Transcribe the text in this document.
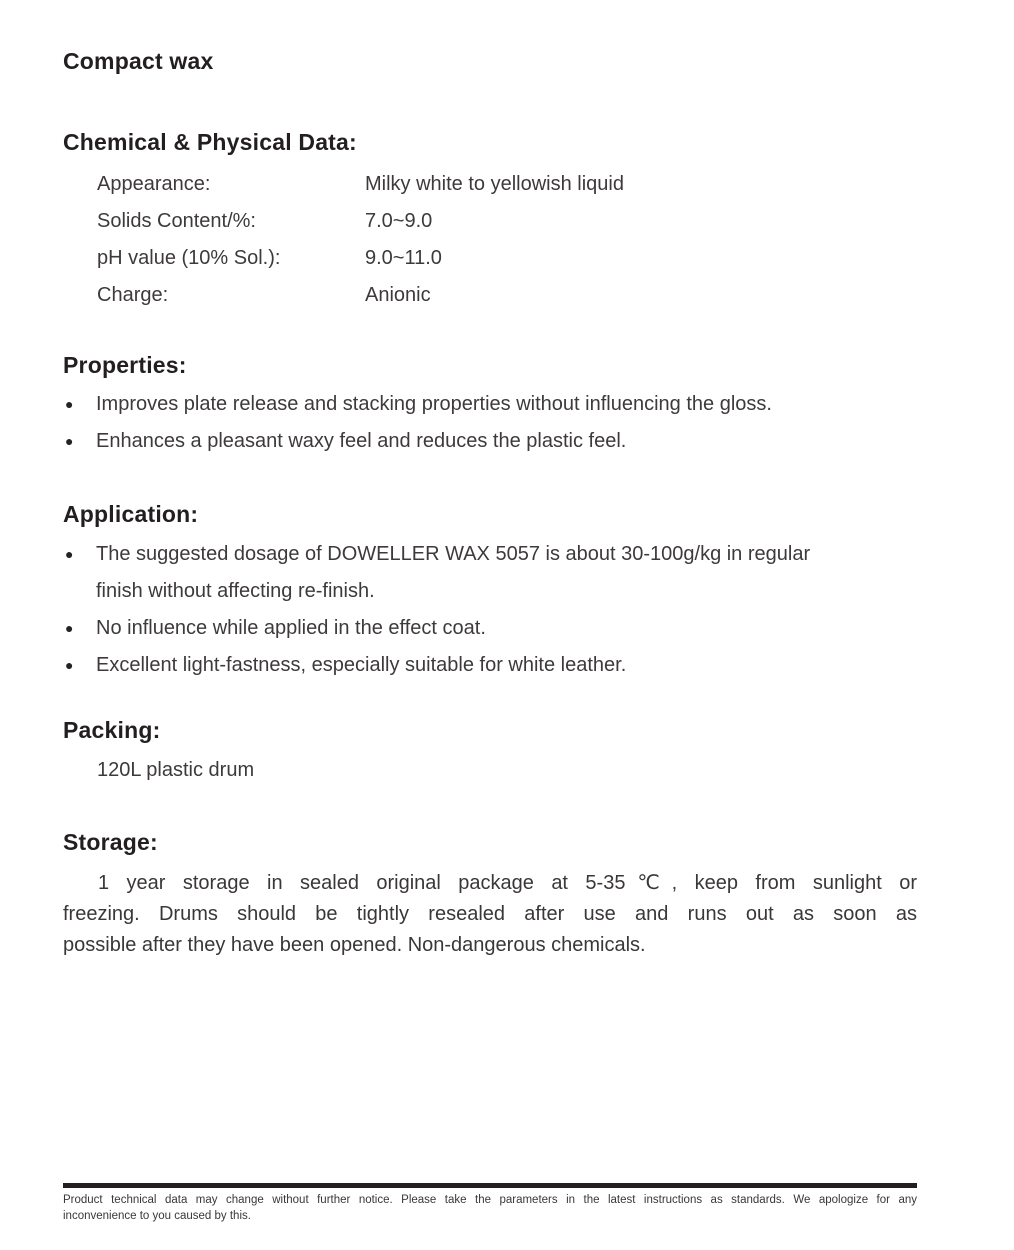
Compact wax
Chemical & Physical Data:
Appearance:	Milky white to yellowish liquid
Solids Content/%:	7.0~9.0
pH value (10% Sol.):	9.0~11.0
Charge:	Anionic
Properties:
● Improves plate release and stacking properties without influencing the gloss.
● Enhances a pleasant waxy feel and reduces the plastic feel.
Application:
● The suggested dosage of DOWELLER WAX 5057 is about 30-100g/kg in regular
finish without affecting re-finish.
● No influence while applied in the effect coat.
● Excellent light-fastness, especially suitable for white leather.
Packing:
120L plastic drum
Storage:
1 year storage in sealed original package at 5-35℃, keep from sunlight or
freezing. Drums should be tightly resealed after use and runs out as soon as
possible after they have been opened. Non-dangerous chemicals.
Product technical data may change without further notice. Please take the parameters in the latest instructions as standards. We apologize for any
inconvenience to you caused by this.
